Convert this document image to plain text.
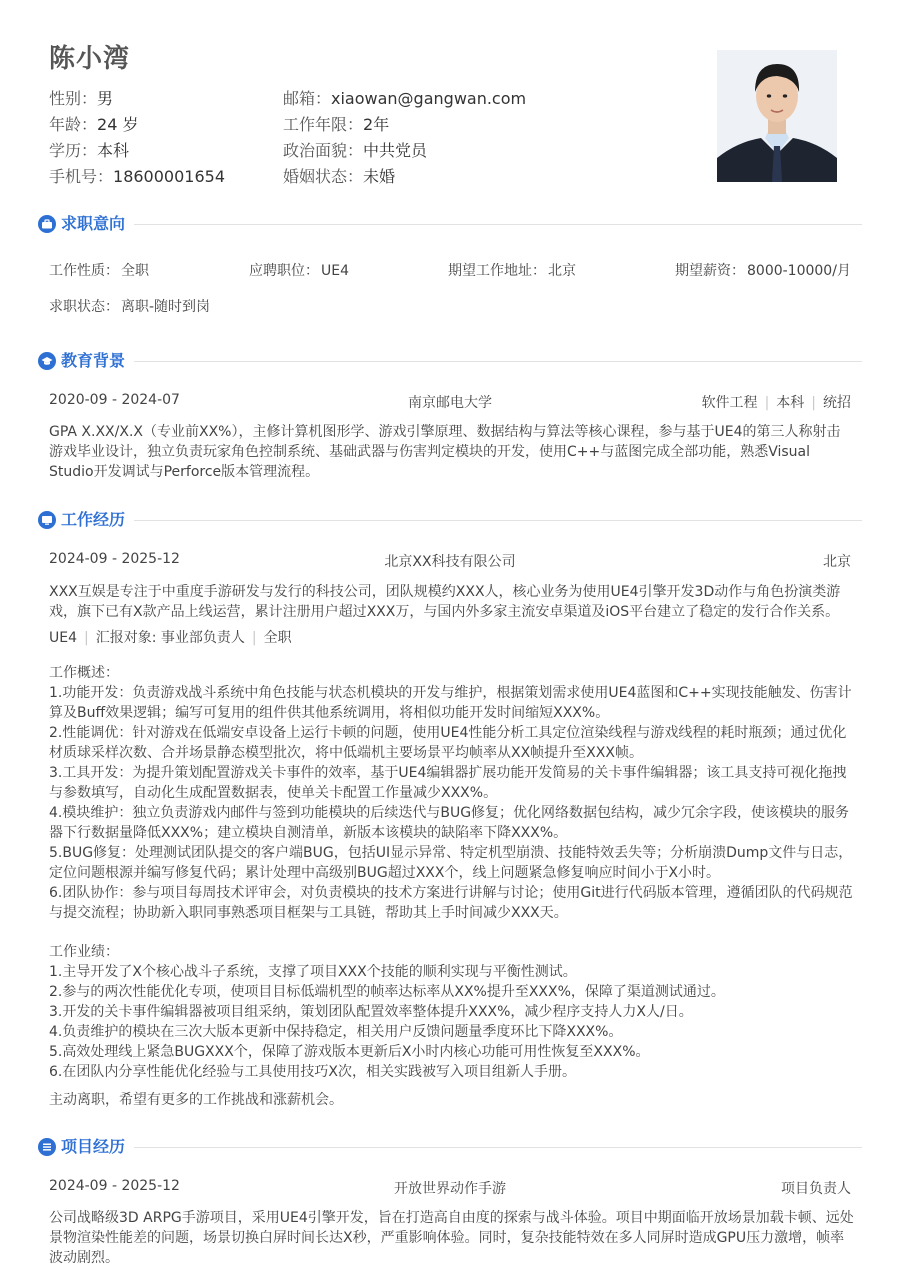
陈小湾
性别：男	邮箱：xiaowan@gangwan.com
年龄：24 岁	工作年限：2年
学历：本科	政治面貌：中共党员
手机号：18600001654	婚姻状态：未婚
求职意向
工作性质： 全职	应聘职位： UE4	期望工作地址： 北京	期望薪资： 8000-10000/月
求职状态： 离职-随时到岗
教育背景
2020-09 - 2024-07	南京邮电大学	软件工程 | 本科 | 统招
GPA X.XX/X.X（专业前XX%），主修计算机图形学、游戏引擎原理、数据结构与算法等核心课程，参与基于UE4的第三人称射击
游戏毕业设计，独立负责玩家角色控制系统、基础武器与伤害判定模块的开发，使用C++与蓝图完成全部功能，熟悉Visual
Studio开发调试与Perforce版本管理流程。
工作经历
2024-09 - 2025-12	北京XX科技有限公司	北京
XXX互娱是专注于中重度手游研发与发行的科技公司，团队规模约XXX人，核心业务为使用UE4引擎开发3D动作与角色扮演类游
戏，旗下已有X款产品上线运营，累计注册用户超过XXX万，与国内外多家主流安卓渠道及iOS平台建立了稳定的发行合作关系。
UE4 | 汇报对象: 事业部负责人 | 全职
工作概述：
1.功能开发：负责游戏战斗系统中角色技能与状态机模块的开发与维护，根据策划需求使用UE4蓝图和C++实现技能触发、伤害计
算及Buff效果逻辑；编写可复用的组件供其他系统调用，将相似功能开发时间缩短XXX%。
2.性能调优：针对游戏在低端安卓设备上运行卡顿的问题，使用UE4性能分析工具定位渲染线程与游戏线程的耗时瓶颈；通过优化
材质球采样次数、合并场景静态模型批次，将中低端机主要场景平均帧率从XX帧提升至XXX帧。
3.工具开发：为提升策划配置游戏关卡事件的效率，基于UE4编辑器扩展功能开发简易的关卡事件编辑器；该工具支持可视化拖拽
与参数填写，自动化生成配置数据表，使单关卡配置工作量减少XXX%。
4.模块维护：独立负责游戏内邮件与签到功能模块的后续迭代与BUG修复；优化网络数据包结构，减少冗余字段，使该模块的服务
器下行数据量降低XXX%；建立模块自测清单，新版本该模块的缺陷率下降XXX%。
5.BUG修复：处理测试团队提交的客户端BUG，包括UI显示异常、特定机型崩溃、技能特效丢失等；分析崩溃Dump文件与日志，
定位问题根源并编写修复代码；累计处理中高级别BUG超过XXX个，线上问题紧急修复响应时间小于X小时。
6.团队协作：参与项目每周技术评审会，对负责模块的技术方案进行讲解与讨论；使用Git进行代码版本管理，遵循团队的代码规范
与提交流程；协助新入职同事熟悉项目框架与工具链，帮助其上手时间减少XXX天。
工作业绩：
1.主导开发了X个核心战斗子系统，支撑了项目XXX个技能的顺利实现与平衡性测试。
2.参与的两次性能优化专项，使项目目标低端机型的帧率达标率从XX%提升至XXX%，保障了渠道测试通过。
3.开发的关卡事件编辑器被项目组采纳，策划团队配置效率整体提升XXX%，减少程序支持人力X人/日。
4.负责维护的模块在三次大版本更新中保持稳定，相关用户反馈问题量季度环比下降XXX%。
5.高效处理线上紧急BUGXXX个，保障了游戏版本更新后X小时内核心功能可用性恢复至XXX%。
6.在团队内分享性能优化经验与工具使用技巧X次，相关实践被写入项目组新人手册。
主动离职，希望有更多的工作挑战和涨薪机会。
项目经历
2024-09 - 2025-12	开放世界动作手游	项目负责人
公司战略级3D ARPG手游项目，采用UE4引擎开发，旨在打造高自由度的探索与战斗体验。项目中期面临开放场景加载卡顿、远处
景物渲染性能差的问题，场景切换白屏时间长达X秒，严重影响体验。同时，复杂技能特效在多人同屏时造成GPU压力激增，帧率
波动剧烈。
